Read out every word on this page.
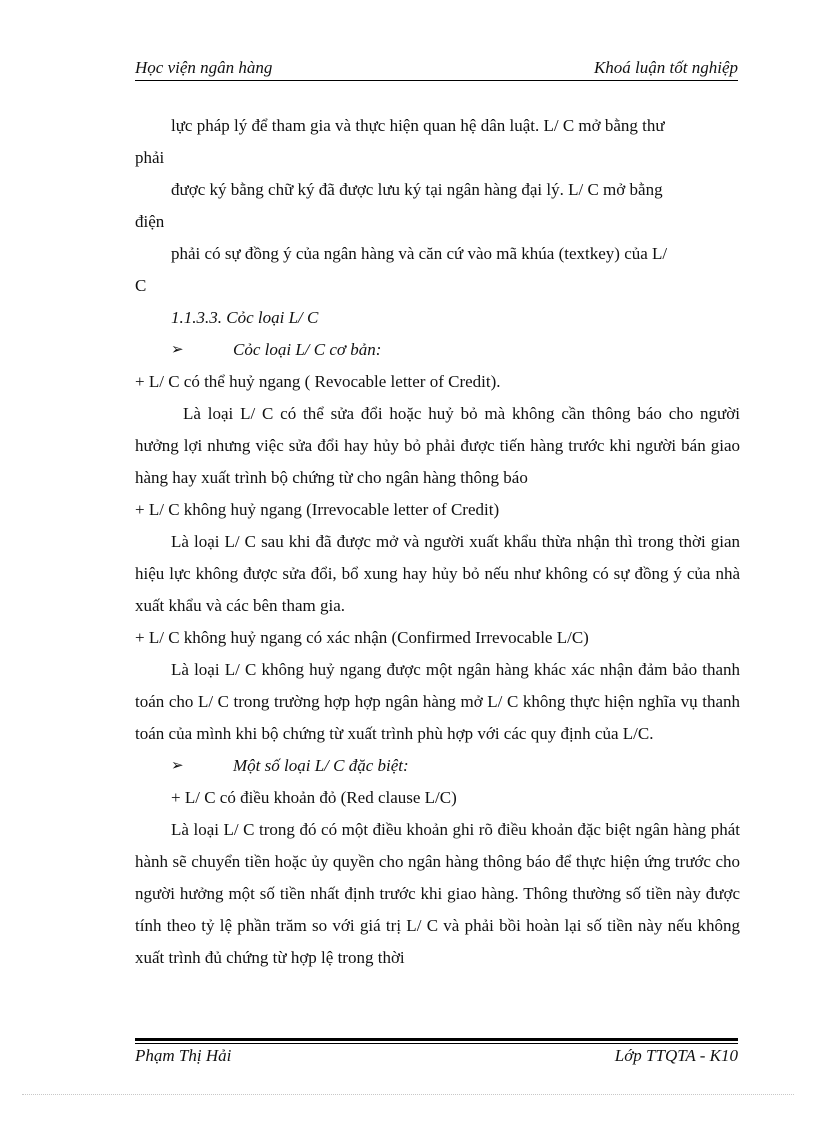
Học viện ngân hàng	Khoá luận tốt nghiệp

lực pháp lý để tham gia và thực hiện quan hệ dân luật. L/ C mở bằng thư

phải

được ký bằng chữ ký đã được lưu ký tại ngân hàng đại lý. L/ C mở bằng

điện

phải có sự đồng ý của ngân hàng và căn cứ vào mã khúa (textkey) của L/

C

1.1.3.3. Cỏc loại L/ C

➢	Cỏc loại L/ C cơ bản:

+ L/ C có thể huỷ ngang ( Revocable letter of Credit).

Là loại L/ C có thể sửa đổi hoặc huỷ bỏ mà không cần thông báo cho người hưởng lợi nhưng việc sửa đổi hay hủy bỏ phải được tiến hàng trước khi người bán giao hàng hay xuất trình bộ chứng từ cho ngân hàng thông báo

+ L/ C không huỷ ngang (Irrevocable letter of Credit)

Là loại L/ C sau khi đã được mở và người xuất khẩu thừa nhận thì trong thời gian hiệu lực không được sửa đổi, bổ xung hay hủy bỏ nếu như không có sự đồng ý của nhà xuất khẩu và các bên tham gia.

+ L/ C không huỷ ngang có xác nhận (Confirmed Irrevocable L/C)

Là loại L/ C không huỷ ngang được một ngân hàng khác xác nhận đảm bảo thanh toán cho L/ C trong trường hợp hợp ngân hàng mở L/ C không thực hiện nghĩa vụ thanh toán của mình khi bộ chứng từ xuất trình phù hợp với các quy định của L/C.

➢	Một số loại L/ C đặc biệt:

+ L/ C có điều khoản đỏ (Red clause L/C)

Là loại L/ C trong đó có một điều khoản ghi rõ điều khoản đặc biệt ngân hàng phát hành sẽ chuyển tiền hoặc ủy quyền cho ngân hàng thông báo để thực hiện ứng trước cho người hưởng một số tiền nhất định trước khi giao hàng. Thông thường số tiền này được tính theo tỷ lệ phần trăm so với giá trị L/ C và phải bồi hoàn lại số tiền này nếu không xuất trình đủ chứng từ hợp lệ trong thời

Phạm Thị Hải	Lớp TTQTA - K10
